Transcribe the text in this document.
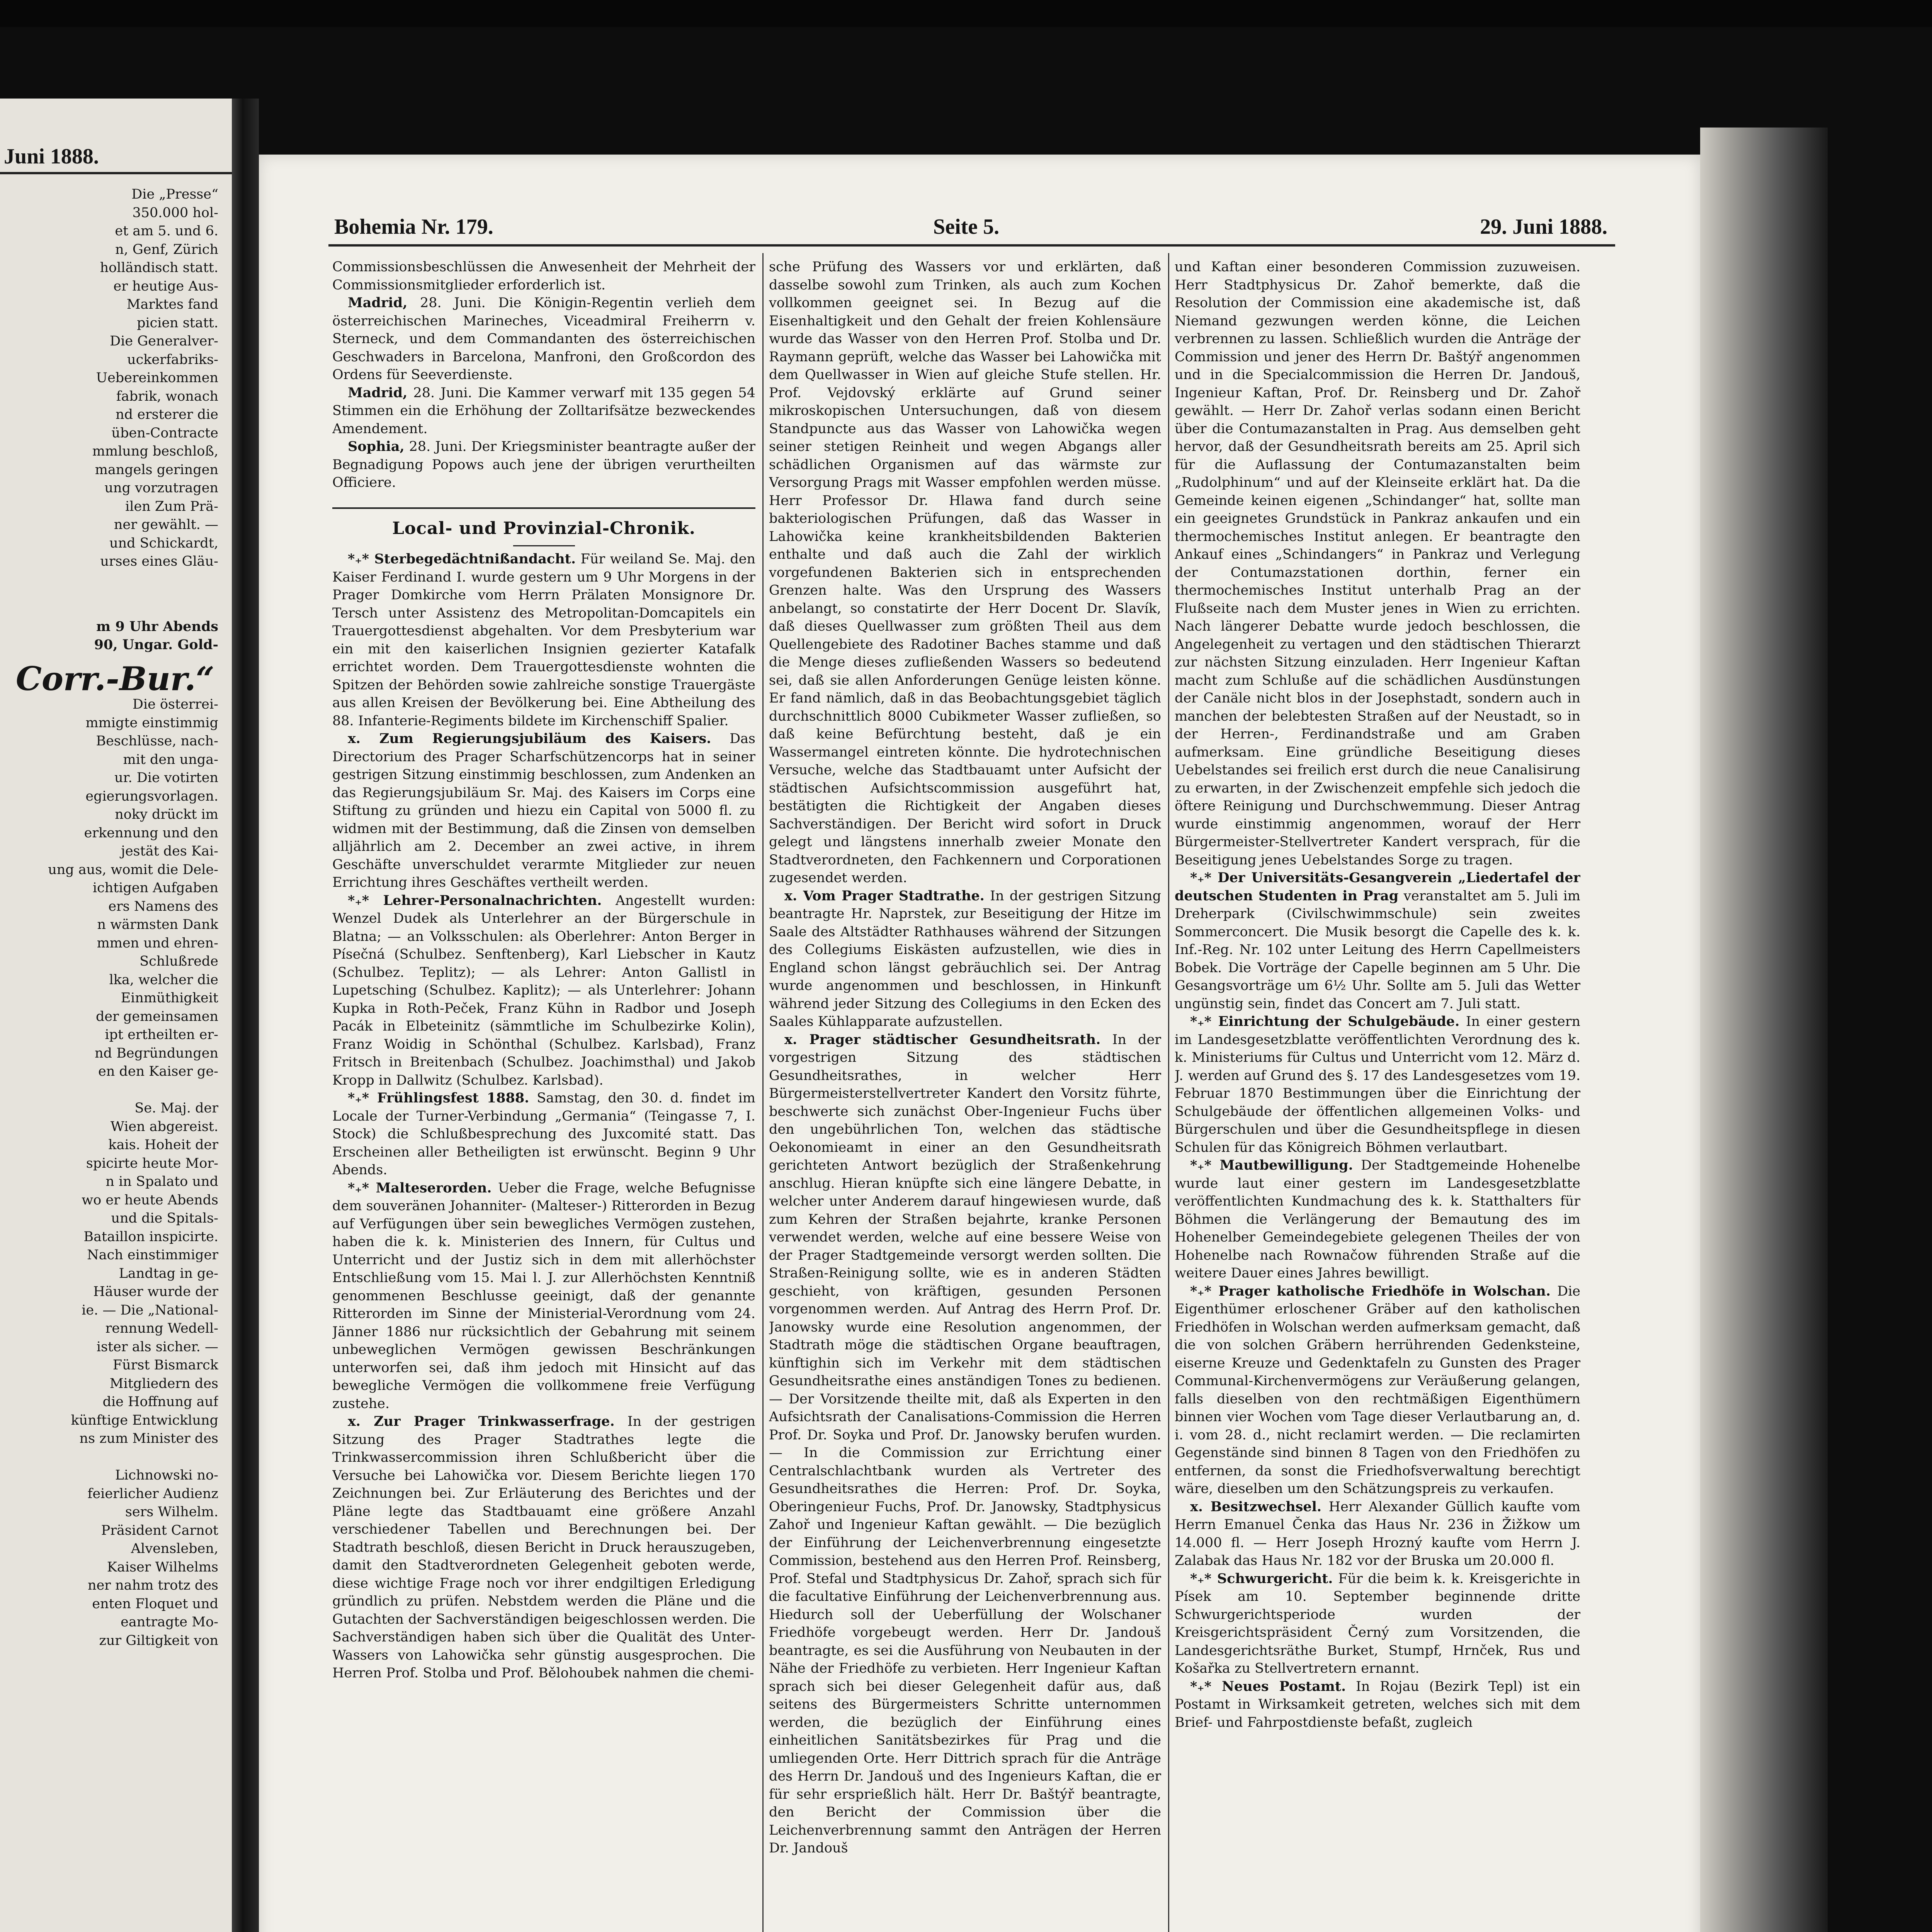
Juni 1888.

Die „Presse“

350.000 hol-

et am 5. und 6.

n, Genf, Zürich

holländisch statt.

er heutige Aus-

Marktes fand

picien statt.

Die Generalver-

uckerfabriks-

Uebereinkommen

fabrik, wonach

nd ersterer die

üben-Contracte

mmlung beschloß,

mangels geringen

ung vorzutragen

ilen Zum Prä-

ner gewählt. —

und Schickardt,

urses eines Gläu-

m 9 Uhr Abends

90, Ungar. Gold-

Corr.-Bur.“

Die österrei-

mmigte einstimmig

Beschlüsse, nach-

mit den unga-

ur. Die votirten

egierungsvorlagen.

noky drückt im

erkennung und den

jestät des Kai-

ung aus, womit die Dele-

ichtigen Aufgaben

ers Namens des

n wärmsten Dank

mmen und ehren-

Schlußrede

lka, welcher die

Einmüthigkeit

der gemeinsamen

ipt ertheilten er-

nd Begründungen

en den Kaiser ge-

Se. Maj. der

Wien abgereist.

kais. Hoheit der

spicirte heute Mor-

n in Spalato und

wo er heute Abends

und die Spitals-

Bataillon inspicirte.

Nach einstimmiger

Landtag in ge-

Häuser wurde der

ie. — Die „National-

rennung Wedell-

ister als sicher. —

Fürst Bismarck

Mitgliedern des

die Hoffnung auf

künftige Entwicklung

ns zum Minister des

Lichnowski no-

feierlicher Audienz

sers Wilhelm.

Präsident Carnot

Alvensleben,

Kaiser Wilhelms

ner nahm trotz des

enten Floquet und

eantragte Mo-

zur Giltigkeit von

Bohemia Nr. 179.	Seite 5.	29. Juni 1888.

Commissionsbeschlüssen die Anwesenheit der Mehrheit der Commissionsmitglieder erforderlich ist.

Madrid, 28. Juni. Die Königin-Regentin verlieh dem österreichischen Marineches, Viceadmiral Freiherrn v. Sterneck, und dem Commandanten des österreichischen Geschwaders in Barcelona, Manfroni, den Großcordon des Ordens für Seeverdienste.

Madrid, 28. Juni. Die Kammer verwarf mit 135 gegen 54 Stimmen ein die Erhöhung der Zolltarifsätze bezweckendes Amendement.

Sophia, 28. Juni. Der Kriegsminister beantragte außer der Begnadigung Popows auch jene der übrigen verurtheilten Officiere.

Local- und Provinzial-Chronik.

*₊* Sterbegedächtnißandacht. Für weiland Se. Maj. den Kaiser Ferdinand I. wurde gestern um 9 Uhr Morgens in der Prager Domkirche vom Herrn Prälaten Monsignore Dr. Tersch unter Assistenz des Metropolitan-Domcapitels ein Trauergottesdienst abgehalten. Vor dem Presbyterium war ein mit den kaiserlichen Insignien gezierter Katafalk errichtet worden. Dem Trauergottesdienste wohnten die Spitzen der Behörden sowie zahlreiche sonstige Trauergäste aus allen Kreisen der Bevölkerung bei. Eine Abtheilung des 88. Infanterie-Regiments bildete im Kirchenschiff Spalier.

x. Zum Regierungsjubiläum des Kaisers. Das Directorium des Prager Scharfschützencorps hat in seiner gestrigen Sitzung einstimmig beschlossen, zum Andenken an das Regierungsjubiläum Sr. Maj. des Kaisers im Corps eine Stiftung zu gründen und hiezu ein Capital von 5000 fl. zu widmen mit der Bestimmung, daß die Zinsen von demselben alljährlich am 2. December an zwei active, in ihrem Geschäfte unverschuldet verarmte Mitglieder zur neuen Errichtung ihres Geschäftes vertheilt werden.

*₊* Lehrer-Personalnachrichten. Angestellt wurden: Wenzel Dudek als Unterlehrer an der Bürgerschule in Blatna; — an Volksschulen: als Oberlehrer: Anton Berger in Písečná (Schulbez. Senftenberg), Karl Liebscher in Kautz (Schulbez. Teplitz); — als Lehrer: Anton Gallistl in Lupetsching (Schulbez. Kaplitz); — als Unterlehrer: Johann Kupka in Roth-Peček, Franz Kühn in Radbor und Joseph Pacák in Elbeteinitz (sämmtliche im Schulbezirke Kolin), Franz Woidig in Schönthal (Schulbez. Karlsbad), Franz Fritsch in Breitenbach (Schulbez. Joachimsthal) und Jakob Kropp in Dallwitz (Schulbez. Karlsbad).

*₊* Frühlingsfest 1888. Samstag, den 30. d. findet im Locale der Turner-Verbindung „Germania“ (Teingasse 7, I. Stock) die Schlußbesprechung des Juxcomité statt. Das Erscheinen aller Betheiligten ist erwünscht. Beginn 9 Uhr Abends.

*₊* Malteserorden. Ueber die Frage, welche Befugnisse dem souveränen Johanniter- (Malteser-) Ritterorden in Bezug auf Verfügungen über sein bewegliches Vermögen zustehen, haben die k. k. Ministerien des Innern, für Cultus und Unterricht und der Justiz sich in dem mit allerhöchster Entschließung vom 15. Mai l. J. zur Allerhöchsten Kenntniß genommenen Beschlusse geeinigt, daß der genannte Ritterorden im Sinne der Ministerial-Verordnung vom 24. Jänner 1886 nur rücksichtlich der Gebahrung mit seinem unbeweglichen Vermögen gewissen Beschränkungen unterworfen sei, daß ihm jedoch mit Hinsicht auf das bewegliche Vermögen die vollkommene freie Verfügung zustehe.

x. Zur Prager Trinkwasserfrage. In der gestrigen Sitzung des Prager Stadtrathes legte die Trinkwassercommission ihren Schlußbericht über die Versuche bei Lahowička vor. Diesem Berichte liegen 170 Zeichnungen bei. Zur Erläuterung des Berichtes und der Pläne legte das Stadtbauamt eine größere Anzahl verschiedener Tabellen und Berechnungen bei. Der Stadtrath beschloß, diesen Bericht in Druck herauszugeben, damit den Stadtverordneten Gelegenheit geboten werde, diese wichtige Frage noch vor ihrer endgiltigen Erledigung gründlich zu prüfen. Nebstdem werden die Pläne und die Gutachten der Sachverständigen beigeschlossen werden. Die Sachverständigen haben sich über die Qualität des Unter-Wassers von Lahowička sehr günstig ausgesprochen. Die Herren Prof. Stolba und Prof. Bělohoubek nahmen die chemi-

sche Prüfung des Wassers vor und erklärten, daß dasselbe sowohl zum Trinken, als auch zum Kochen vollkommen geeignet sei. In Bezug auf die Eisenhaltigkeit und den Gehalt der freien Kohlensäure wurde das Wasser von den Herren Prof. Stolba und Dr. Raymann geprüft, welche das Wasser bei Lahowička mit dem Quellwasser in Wien auf gleiche Stufe stellen. Hr. Prof. Vejdovský erklärte auf Grund seiner mikroskopischen Untersuchungen, daß von diesem Standpuncte aus das Wasser von Lahowička wegen seiner stetigen Reinheit und wegen Abgangs aller schädlichen Organismen auf das wärmste zur Versorgung Prags mit Wasser empfohlen werden müsse. Herr Professor Dr. Hlawa fand durch seine bakteriologischen Prüfungen, daß das Wasser in Lahowička keine krankheitsbildenden Bakterien enthalte und daß auch die Zahl der wirklich vorgefundenen Bakterien sich in entsprechenden Grenzen halte. Was den Ursprung des Wassers anbelangt, so constatirte der Herr Docent Dr. Slavík, daß dieses Quellwasser zum größten Theil aus dem Quellengebiete des Radotiner Baches stamme und daß die Menge dieses zufließenden Wassers so bedeutend sei, daß sie allen Anforderungen Genüge leisten könne. Er fand nämlich, daß in das Beobachtungsgebiet täglich durchschnittlich 8000 Cubikmeter Wasser zufließen, so daß keine Befürchtung besteht, daß je ein Wassermangel eintreten könnte. Die hydrotechnischen Versuche, welche das Stadtbauamt unter Aufsicht der städtischen Aufsichtscommission ausgeführt hat, bestätigten die Richtigkeit der Angaben dieses Sachverständigen. Der Bericht wird sofort in Druck gelegt und längstens innerhalb zweier Monate den Stadtverordneten, den Fachkennern und Corporationen zugesendet werden.

x. Vom Prager Stadtrathe. In der gestrigen Sitzung beantragte Hr. Naprstek, zur Beseitigung der Hitze im Saale des Altstädter Rathhauses während der Sitzungen des Collegiums Eiskästen aufzustellen, wie dies in England schon längst gebräuchlich sei. Der Antrag wurde angenommen und beschlossen, in Hinkunft während jeder Sitzung des Collegiums in den Ecken des Saales Kühlapparate aufzustellen.

x. Prager städtischer Gesundheitsrath. In der vorgestrigen Sitzung des städtischen Gesundheitsrathes, in welcher Herr Bürgermeisterstellvertreter Kandert den Vorsitz führte, beschwerte sich zunächst Ober-Ingenieur Fuchs über den ungebührlichen Ton, welchen das städtische Oekonomieamt in einer an den Gesundheitsrath gerichteten Antwort bezüglich der Straßenkehrung anschlug. Hieran knüpfte sich eine längere Debatte, in welcher unter Anderem darauf hingewiesen wurde, daß zum Kehren der Straßen bejahrte, kranke Personen verwendet werden, welche auf eine bessere Weise von der Prager Stadtgemeinde versorgt werden sollten. Die Straßen-Reinigung sollte, wie es in anderen Städten geschieht, von kräftigen, gesunden Personen vorgenommen werden. Auf Antrag des Herrn Prof. Dr. Janowsky wurde eine Resolution angenommen, der Stadtrath möge die städtischen Organe beauftragen, künftighin sich im Verkehr mit dem städtischen Gesundheitsrathe eines anständigen Tones zu bedienen. — Der Vorsitzende theilte mit, daß als Experten in den Aufsichtsrath der Canalisations-Commission die Herren Prof. Dr. Soyka und Prof. Dr. Janowsky berufen wurden. — In die Commission zur Errichtung einer Centralschlachtbank wurden als Vertreter des Gesundheitsrathes die Herren: Prof. Dr. Soyka, Oberingenieur Fuchs, Prof. Dr. Janowsky, Stadtphysicus Zahoř und Ingenieur Kaftan gewählt. — Die bezüglich der Einführung der Leichenverbrennung eingesetzte Commission, bestehend aus den Herren Prof. Reinsberg, Prof. Stefal und Stadtphysicus Dr. Zahoř, sprach sich für die facultative Einführung der Leichenverbrennung aus. Hiedurch soll der Ueberfüllung der Wolschaner Friedhöfe vorgebeugt werden. Herr Dr. Jandouš beantragte, es sei die Ausführung von Neubauten in der Nähe der Friedhöfe zu verbieten. Herr Ingenieur Kaftan sprach sich bei dieser Gelegenheit dafür aus, daß seitens des Bürgermeisters Schritte unternommen werden, die bezüglich der Einführung eines einheitlichen Sanitätsbezirkes für Prag und die umliegenden Orte. Herr Dittrich sprach für die Anträge des Herrn Dr. Jandouš und des Ingenieurs Kaftan, die er für sehr ersprießlich hält. Herr Dr. Baštýř beantragte, den Bericht der Commission über die Leichenverbrennung sammt den Anträgen der Herren Dr. Jandouš

und Kaftan einer besonderen Commission zuzuweisen. Herr Stadtphysicus Dr. Zahoř bemerkte, daß die Resolution der Commission eine akademische ist, daß Niemand gezwungen werden könne, die Leichen verbrennen zu lassen. Schließlich wurden die Anträge der Commission und jener des Herrn Dr. Baštýř angenommen und in die Specialcommission die Herren Dr. Jandouš, Ingenieur Kaftan, Prof. Dr. Reinsberg und Dr. Zahoř gewählt. — Herr Dr. Zahoř verlas sodann einen Bericht über die Contumazanstalten in Prag. Aus demselben geht hervor, daß der Gesundheitsrath bereits am 25. April sich für die Auflassung der Contumazanstalten beim „Rudolphinum“ und auf der Kleinseite erklärt hat. Da die Gemeinde keinen eigenen „Schindanger“ hat, sollte man ein geeignetes Grundstück in Pankraz ankaufen und ein thermochemisches Institut anlegen. Er beantragte den Ankauf eines „Schindangers“ in Pankraz und Verlegung der Contumazstationen dorthin, ferner ein thermochemisches Institut unterhalb Prag an der Flußseite nach dem Muster jenes in Wien zu errichten. Nach längerer Debatte wurde jedoch beschlossen, die Angelegenheit zu vertagen und den städtischen Thierarzt zur nächsten Sitzung einzuladen. Herr Ingenieur Kaftan macht zum Schluße auf die schädlichen Ausdünstungen der Canäle nicht blos in der Josephstadt, sondern auch in manchen der belebtesten Straßen auf der Neustadt, so in der Herren-, Ferdinandstraße und am Graben aufmerksam. Eine gründliche Beseitigung dieses Uebelstandes sei freilich erst durch die neue Canalisirung zu erwarten, in der Zwischenzeit empfehle sich jedoch die öftere Reinigung und Durchschwemmung. Dieser Antrag wurde einstimmig angenommen, worauf der Herr Bürgermeister-Stellvertreter Kandert versprach, für die Beseitigung jenes Uebelstandes Sorge zu tragen.

*₊* Der Universitäts-Gesangverein „Liedertafel der deutschen Studenten in Prag veranstaltet am 5. Juli im Dreherpark (Civilschwimmschule) sein zweites Sommerconcert. Die Musik besorgt die Capelle des k. k. Inf.-Reg. Nr. 102 unter Leitung des Herrn Capellmeisters Bobek. Die Vorträge der Capelle beginnen am 5 Uhr. Die Gesangsvorträge um 6½ Uhr. Sollte am 5. Juli das Wetter ungünstig sein, findet das Concert am 7. Juli statt.

*₊* Einrichtung der Schulgebäude. In einer gestern im Landesgesetzblatte veröffentlichten Verordnung des k. k. Ministeriums für Cultus und Unterricht vom 12. März d. J. werden auf Grund des §. 17 des Landesgesetzes vom 19. Februar 1870 Bestimmungen über die Einrichtung der Schulgebäude der öffentlichen allgemeinen Volks- und Bürgerschulen und über die Gesundheitspflege in diesen Schulen für das Königreich Böhmen verlautbart.

*₊* Mautbewilligung. Der Stadtgemeinde Hohenelbe wurde laut einer gestern im Landesgesetzblatte veröffentlichten Kundmachung des k. k. Statthalters für Böhmen die Verlängerung der Bemautung des im Hohenelber Gemeindegebiete gelegenen Theiles der von Hohenelbe nach Rownačow führenden Straße auf die weitere Dauer eines Jahres bewilligt.

*₊* Prager katholische Friedhöfe in Wolschan. Die Eigenthümer erloschener Gräber auf den katholischen Friedhöfen in Wolschan werden aufmerksam gemacht, daß die von solchen Gräbern herrührenden Gedenksteine, eiserne Kreuze und Gedenktafeln zu Gunsten des Prager Communal-Kirchenvermögens zur Veräußerung gelangen, falls dieselben von den rechtmäßigen Eigenthümern binnen vier Wochen vom Tage dieser Verlautbarung an, d. i. vom 28. d., nicht reclamirt werden. — Die reclamirten Gegenstände sind binnen 8 Tagen von den Friedhöfen zu entfernen, da sonst die Friedhofsverwaltung berechtigt wäre, dieselben um den Schätzungspreis zu verkaufen.

x. Besitzwechsel. Herr Alexander Güllich kaufte vom Herrn Emanuel Čenka das Haus Nr. 236 in Žižkow um 14.000 fl. — Herr Joseph Hrozný kaufte vom Herrn J. Zalabak das Haus Nr. 182 vor der Bruska um 20.000 fl.

*₊* Schwurgericht. Für die beim k. k. Kreisgerichte in Písek am 10. September beginnende dritte Schwurgerichtsperiode wurden der Kreisgerichtspräsident Černý zum Vorsitzenden, die Landesgerichtsräthe Burket, Stumpf, Hrnček, Rus und Košařka zu Stellvertretern ernannt.

*₊* Neues Postamt. In Rojau (Bezirk Tepl) ist ein Postamt in Wirksamkeit getreten, welches sich mit dem Brief- und Fahrpostdienste befaßt, zugleich
